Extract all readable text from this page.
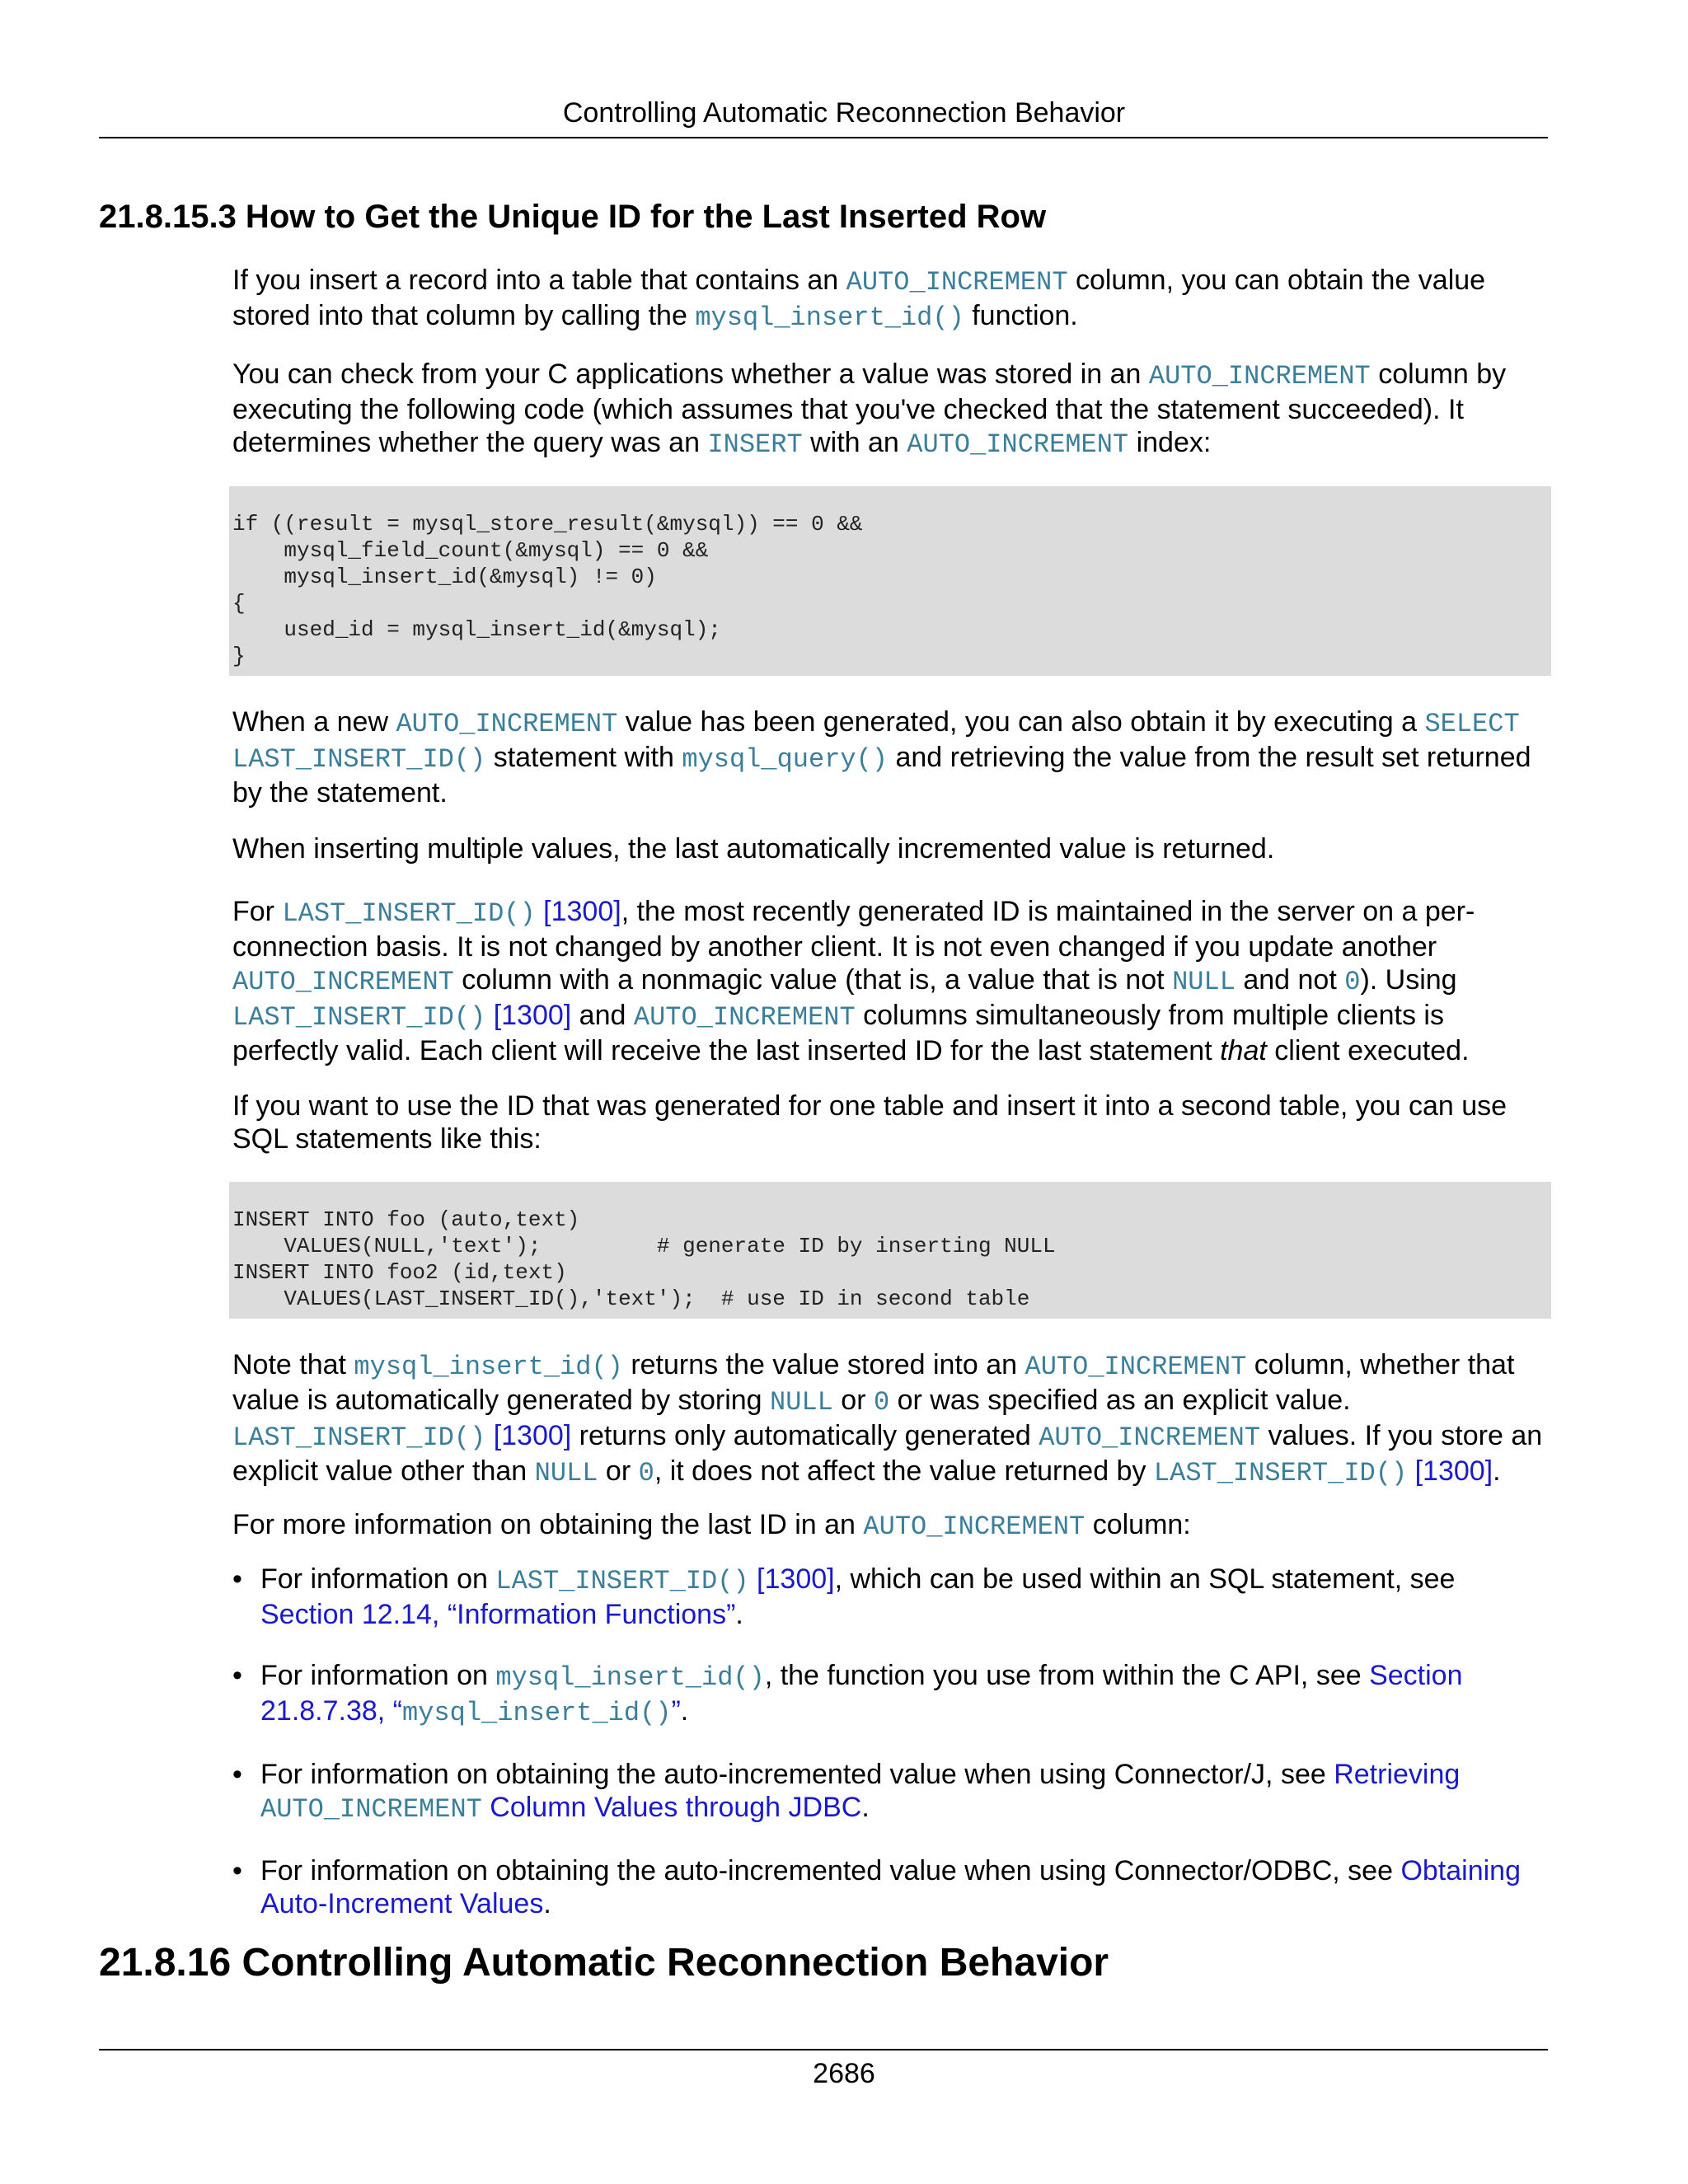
Controlling Automatic Reconnection Behavior
21.8.15.3 How to Get the Unique ID for the Last Inserted Row

If you insert a record into a table that contains an AUTO_INCREMENT column, you can obtain the value stored into that column by calling the mysql_insert_id() function.

You can check from your C applications whether a value was stored in an AUTO_INCREMENT column by executing the following code (which assumes that you've checked that the statement succeeded). It determines whether the query was an INSERT with an AUTO_INCREMENT index:

if ((result = mysql_store_result(&mysql)) == 0 &&
mysql_field_count(&mysql) == 0 &&
mysql_insert_id(&mysql) != 0)
{
used_id = mysql_insert_id(&mysql);
}

When a new AUTO_INCREMENT value has been generated, you can also obtain it by executing a SELECT LAST_INSERT_ID() statement with mysql_query() and retrieving the value from the result set returned by the statement.

When inserting multiple values, the last automatically incremented value is returned.

For LAST_INSERT_ID() [1300], the most recently generated ID is maintained in the server on a per-connection basis. It is not changed by another client. It is not even changed if you update another AUTO_INCREMENT column with a nonmagic value (that is, a value that is not NULL and not 0). Using LAST_INSERT_ID() [1300] and AUTO_INCREMENT columns simultaneously from multiple clients is perfectly valid. Each client will receive the last inserted ID for the last statement that client executed.

If you want to use the ID that was generated for one table and insert it into a second table, you can use SQL statements like this:

INSERT INTO foo (auto,text)
VALUES(NULL,'text');         # generate ID by inserting NULL
INSERT INTO foo2 (id,text)
VALUES(LAST_INSERT_ID(),'text');  # use ID in second table

Note that mysql_insert_id() returns the value stored into an AUTO_INCREMENT column, whether that value is automatically generated by storing NULL or 0 or was specified as an explicit value. LAST_INSERT_ID() [1300] returns only automatically generated AUTO_INCREMENT values. If you store an explicit value other than NULL or 0, it does not affect the value returned by LAST_INSERT_ID() [1300].

For more information on obtaining the last ID in an AUTO_INCREMENT column:

• For information on LAST_INSERT_ID() [1300], which can be used within an SQL statement, see Section 12.14, “Information Functions”.
• For information on mysql_insert_id(), the function you use from within the C API, see Section 21.8.7.38, “mysql_insert_id()”.
• For information on obtaining the auto-incremented value when using Connector/J, see Retrieving AUTO_INCREMENT Column Values through JDBC.
• For information on obtaining the auto-incremented value when using Connector/ODBC, see Obtaining Auto-Increment Values.
21.8.16 Controlling Automatic Reconnection Behavior
2686
